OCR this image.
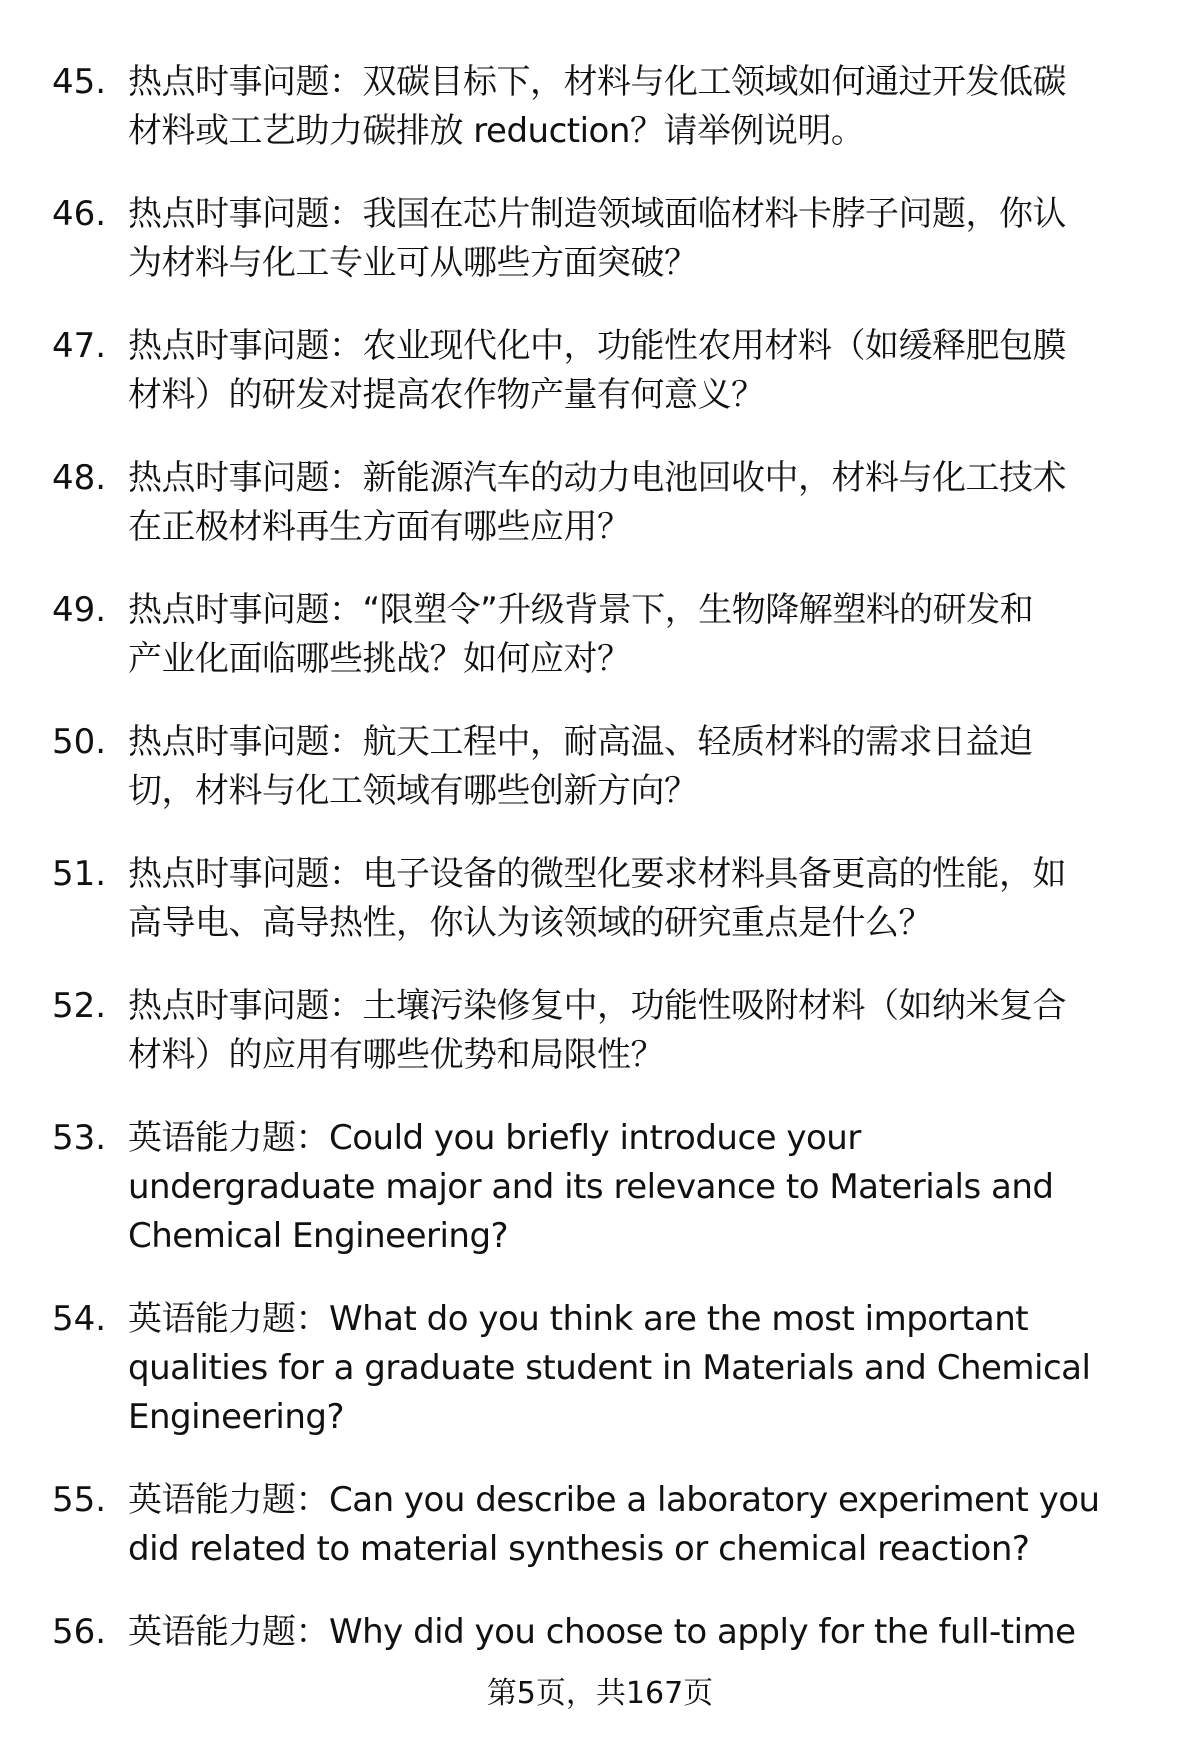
45. 热点时事问题：双碳目标下，材料与化工领域如何通过开发低碳
材料或工艺助力碳排放 reduction？请举例说明。
46. 热点时事问题：我国在芯片制造领域面临材料卡脖子问题，你认
为材料与化工专业可从哪些方面突破？
47. 热点时事问题：农业现代化中，功能性农用材料（如缓释肥包膜
材料）的研发对提高农作物产量有何意义？
48. 热点时事问题：新能源汽车的动力电池回收中，材料与化工技术
在正极材料再生方面有哪些应用？
49. 热点时事问题：“限塑令”升级背景下，生物降解塑料的研发和
产业化面临哪些挑战？如何应对？
50. 热点时事问题：航天工程中，耐高温、轻质材料的需求日益迫
切，材料与化工领域有哪些创新方向？
51. 热点时事问题：电子设备的微型化要求材料具备更高的性能，如
高导电、高导热性，你认为该领域的研究重点是什么？
52. 热点时事问题：土壤污染修复中，功能性吸附材料（如纳米复合
材料）的应用有哪些优势和局限性？
53. 英语能力题：Could you briefly introduce your
undergraduate major and its relevance to Materials and
Chemical Engineering?
54. 英语能力题：What do you think are the most important
qualities for a graduate student in Materials and Chemical
Engineering?
55. 英语能力题：Can you describe a laboratory experiment you
did related to material synthesis or chemical reaction?
56. 英语能力题：Why did you choose to apply for the full-time
第5页，共167页
